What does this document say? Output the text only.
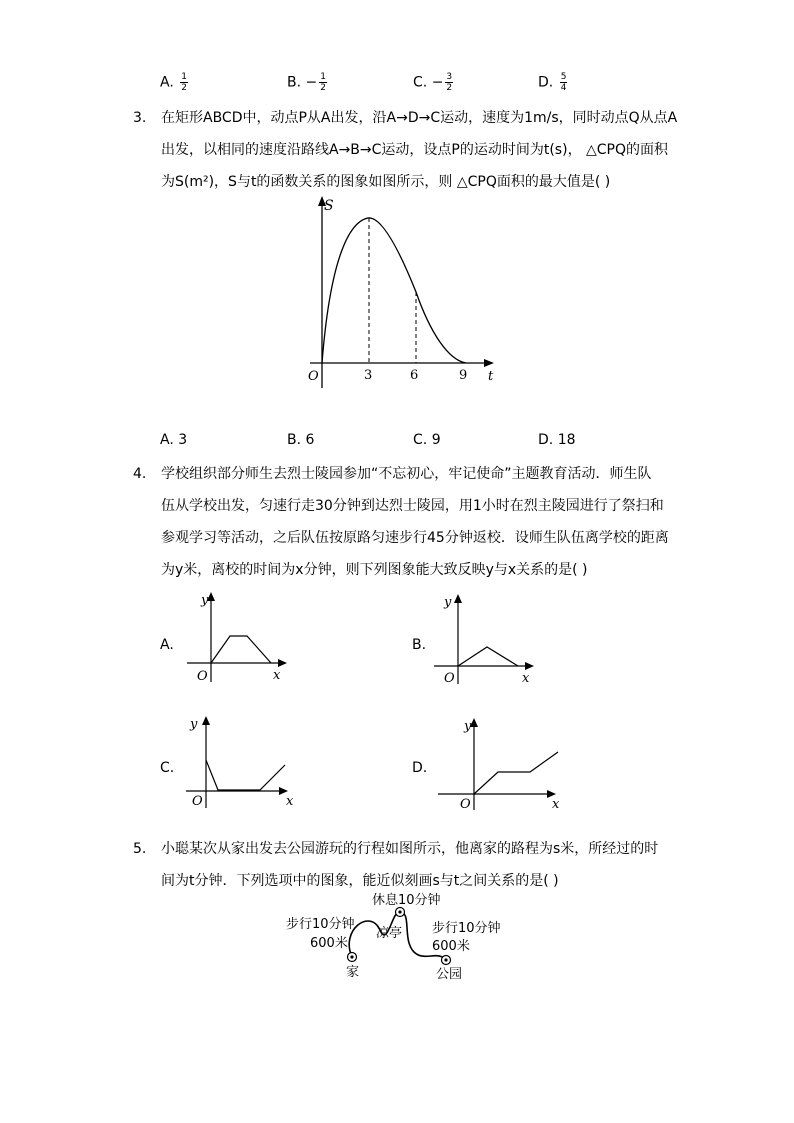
A. $\frac{1}{2}$	B. − $\frac{1}{2}$	C. − $\frac{3}{2}$	D. $\frac{5}{4}$
3. 在矩形ABCD中，动点P从A出发，沿A→D→C运动，速度为1m/s，同时动点Q从点A
出发，以相同的速度沿路线A→B→C运动，设点P的运动时间为t(s)， △CPQ的面积
为S(m²)，S与t的函数关系的图象如图所示，则 △CPQ面积的最大值是( )
S
t
O	3	6	9
A. 3	B. 6	C. 9	D. 18
4. 学校组织部分师生去烈士陵园参加“不忘初心，牢记使命”主题教育活动．师生队
伍从学校出发，匀速行走30分钟到达烈士陵园，用1小时在烈主陵园进行了祭扫和
参观学习等活动，之后队伍按原路匀速步行45分钟返校．设师生队伍离学校的距离
为y米，离校的时间为x分钟，则下列图象能大致反映y与x关系的是( )
A.
y
x
O
B.
y
x
O
C.
y
x
O
D.
y
x
O
5. 小聪某次从家出发去公园游玩的行程如图所示，他离家的路程为s米，所经过的时
间为t分钟．下列选项中的图象，能近似刻画s与t之间关系的是( )
休息10分钟
凉亭
步行10分钟
600米
步行10分钟
600米
家	公园
